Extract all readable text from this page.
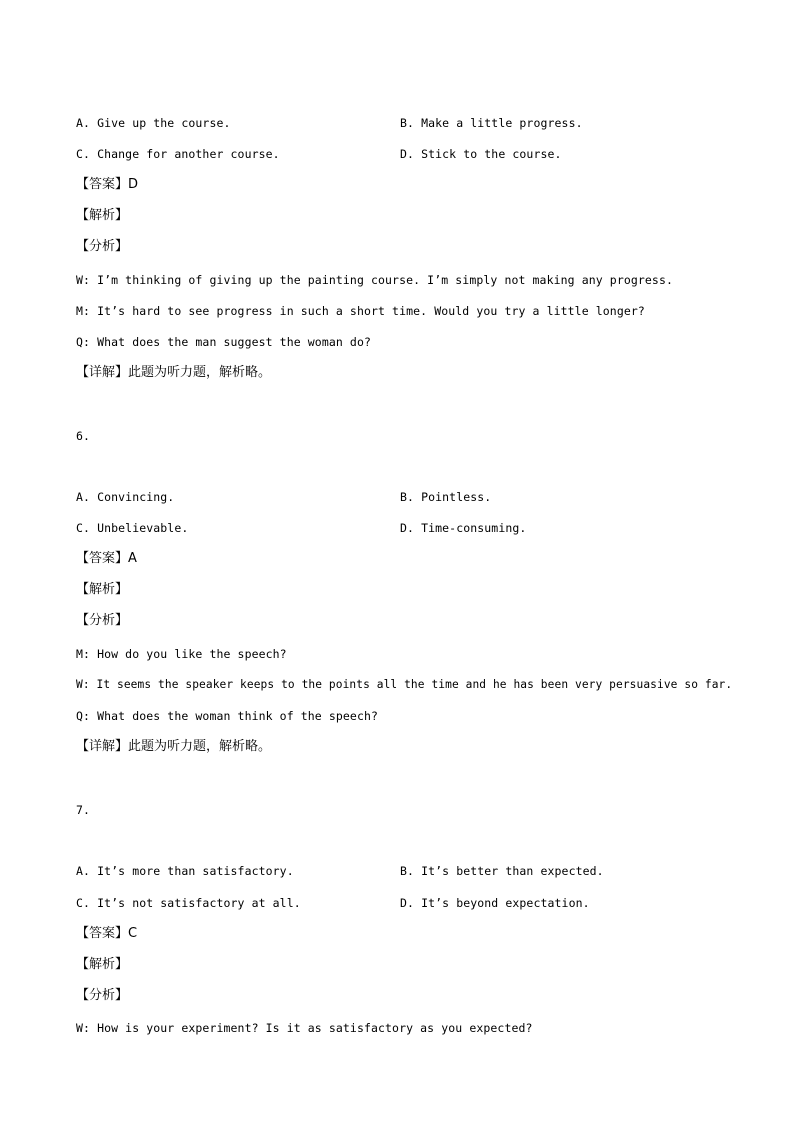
A. Give up the course.	B. Make a little progress.
C. Change for another course.	D. Stick to the course.
【答案】D
【解析】
【分析】
W: I’m thinking of giving up the painting course. I’m simply not making any progress.
M: It’s hard to see progress in such a short time. Would you try a little longer?
Q: What does the man suggest the woman do?
【详解】此题为听力题，解析略。
6.
A. Convincing.	B. Pointless.
C. Unbelievable.	D. Time-consuming.
【答案】A
【解析】
【分析】
M: How do you like the speech?
W: It seems the speaker keeps to the points all the time and he has been very persuasive so far.
Q: What does the woman think of the speech?
【详解】此题为听力题，解析略。
7.
A. It’s more than satisfactory.	B. It’s better than expected.
C. It’s not satisfactory at all.	D. It’s beyond expectation.
【答案】C
【解析】
【分析】
W: How is your experiment? Is it as satisfactory as you expected?
